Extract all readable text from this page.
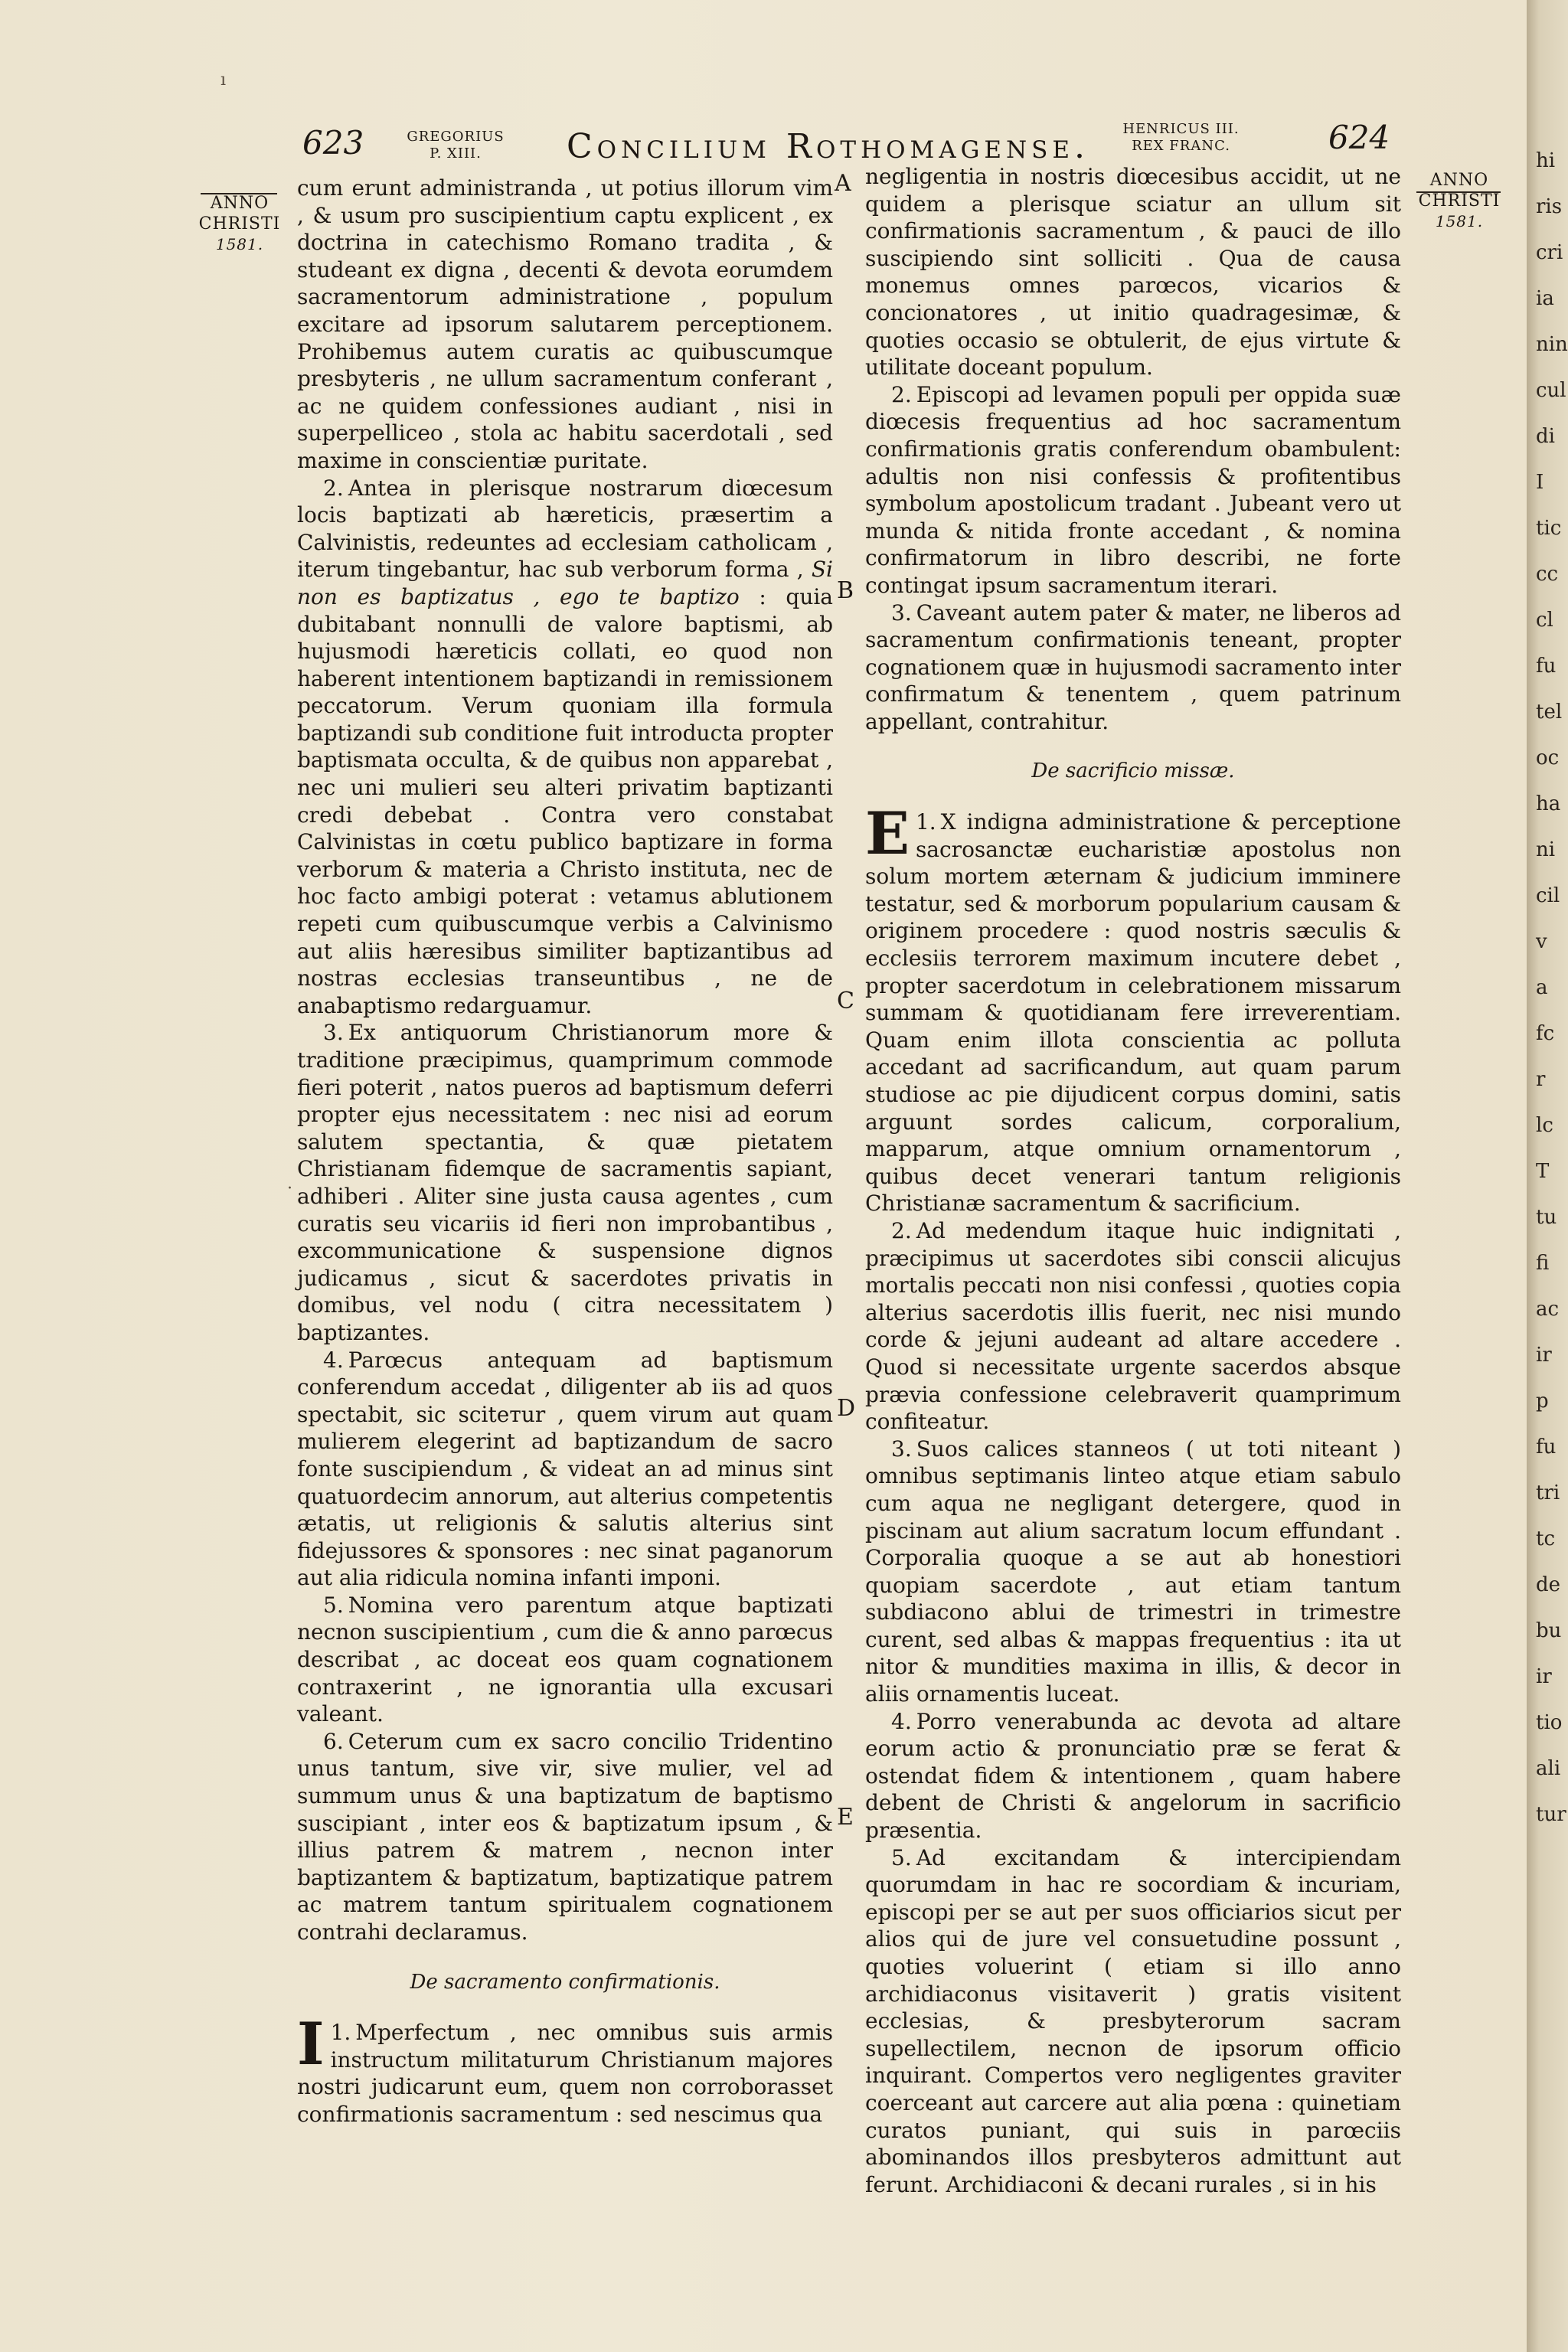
623	GREGORIUS P. XIII.	Concilium Rothomagense.	HENRICUS III. REX FRANC.	624
ANNO
CHRISTI
1581.
ANNO
CHRISTI
1581.
A
B
C
D
E

cum erunt administranda , ut potius illorum vim , & usum pro suscipientium captu explicent , ex doctrina in catechismo Romano tradita , & studeant ex digna , decenti & devota eorumdem sacramentorum administratione , populum excitare ad ipsorum salutarem perceptionem. Prohibemus autem curatis ac quibuscumque presbyteris , ne ullum sacramentum conferant , ac ne quidem confessiones audiant , nisi in superpelliceo , stola ac habitu sacerdotali , sed maxime in conscientiæ puritate.

2. Antea in plerisque nostrarum diœcesum locis baptizati ab hæreticis, præsertim a Calvinistis, redeuntes ad ecclesiam catholicam , iterum tingebantur, hac sub verborum forma , Si non es baptizatus , ego te baptizo : quia dubitabant nonnulli de valore baptismi, ab hujusmodi hæreticis collati, eo quod non haberent intentionem baptizandi in remissionem peccatorum. Verum quoniam illa formula baptizandi sub conditione fuit introducta propter baptismata occulta, & de quibus non apparebat , nec uni mulieri seu alteri privatim baptizanti credi debebat . Contra vero constabat Calvinistas in cœtu publico baptizare in forma verborum & materia a Christo instituta, nec de hoc facto ambigi poterat : vetamus ablutionem repeti cum quibuscumque verbis a Calvinismo aut aliis hæresibus similiter baptizantibus ad nostras ecclesias transeuntibus , ne de anabaptismo redarguamur.

3. Ex antiquorum Christianorum more & traditione præcipimus, quamprimum commode fieri poterit , natos pueros ad baptismum deferri propter ejus necessitatem : nec nisi ad eorum salutem spectantia, & quæ pietatem Christianam fidemque de sacramentis sapiant, adhiberi . Aliter sine justa causa agentes , cum curatis seu vicariis id fieri non improbantibus , excommunicatione & suspensione dignos judicamus , sicut & sacerdotes privatis in domibus, vel nodu ( citra necessitatem ) baptizantes.

4. Parœcus antequam ad baptismum conferendum accedat , diligenter ab iis ad quos spectabit, sic sciteтur , quem virum aut quam mulierem elegerint ad baptizandum de sacro fonte suscipiendum , & videat an ad minus sint quatuordecim annorum, aut alterius competentis ætatis, ut religionis & salutis alterius sint fidejussores & sponsores : nec sinat paganorum aut alia ridicula nomina infanti imponi.

5. Nomina vero parentum atque baptizati necnon suscipientium , cum die & anno parœcus describat , ac doceat eos quam cognationem contraxerint , ne ignorantia ulla excusari valeant.

6. Ceterum cum ex sacro concilio Tridentino unus tantum, sive vir, sive mulier, vel ad summum unus & una baptizatum de baptismo suscipiant , inter eos & baptizatum ipsum , & illius patrem & matrem , necnon inter baptizantem & baptizatum, baptizatique patrem ac matrem tantum spiritualem cognationem contrahi declaramus.

De sacramento confirmationis.

1.
I Mperfectum , nec omnibus suis armis instructum militaturum Christianum majores nostri judicarunt eum, quem non corroborasset confirmationis sacramentum : sed nescimus qua

negligentia in nostris diœcesibus accidit, ut ne quidem a plerisque sciatur an ullum sit confirmationis sacramentum , & pauci de illo suscipiendo sint solliciti . Qua de causa monemus omnes parœcos, vicarios & concionatores , ut initio quadragesimæ, & quoties occasio se obtulerit, de ejus virtute & utilitate doceant populum.

2. Episcopi ad levamen populi per oppida suæ diœcesis frequentius ad hoc sacramentum confirmationis gratis conferendum obambulent: adultis non nisi confessis & profitentibus symbolum apostolicum tradant . Jubeant vero ut munda & nitida fronte accedant , & nomina confirmatorum in libro describi, ne forte contingat ipsum sacramentum iterari.

3. Caveant autem pater & mater, ne liberos ad sacramentum confirmationis teneant, propter cognationem quæ in hujusmodi sacramento inter confirmatum & tenentem , quem patrinum appellant, contrahitur.

De sacrificio missæ.

1.
E X indigna administratione & perceptione sacrosanctæ eucharistiæ apostolus non solum mortem æternam & judicium imminere testatur, sed & morborum popularium causam & originem procedere : quod nostris sæculis & ecclesiis terrorem maximum incutere debet , propter sacerdotum in celebrationem missarum summam & quotidianam fere irreverentiam. Quam enim illota conscientia ac polluta accedant ad sacrificandum, aut quam parum studiose ac pie dijudicent corpus domini, satis arguunt sordes calicum, corporalium, mapparum, atque omnium ornamentorum , quibus decet venerari tantum religionis Christianæ sacramentum & sacrificium.

2. Ad medendum itaque huic indignitati , præcipimus ut sacerdotes sibi conscii alicujus mortalis peccati non nisi confessi , quoties copia alterius sacerdotis illis fuerit, nec nisi mundo corde & jejuni audeant ad altare accedere . Quod si necessitate urgente sacerdos absque prævia confessione celebraverit quamprimum confiteatur.

3. Suos calices stanneos ( ut toti niteant ) omnibus septimanis linteo atque etiam sabulo cum aqua ne negligant detergere, quod in piscinam aut alium sacratum locum effundant . Corporalia quoque a se aut ab honestiori quopiam sacerdote , aut etiam tantum subdiacono ablui de trimestri in trimestre curent, sed albas & mappas frequentius : ita ut nitor & munditiеs maxima in illis, & decor in aliis ornamentis luceat.

4. Porro venerabunda ac devota ad altare eorum actio & pronunciatio præ se ferat & ostendat fidem & intentionem , quam habere debent de Christi & angelorum in sacrificio præsentia.

5. Ad excitandam & intercipiendam quorumdam in hac re socordiam & incuriam, episcopi per se aut per suos officiarios sicut per alios qui de jure vel consuetudine possunt , quoties voluerint ( etiam si illo anno archidiaconus visitaverit ) gratis visitent ecclesias, & presbyterorum sacram supellectilem, necnon de ipsorum officio inquirant. Compertos vero negligentes graviter coerceant aut carcere aut alia pœna : quinetiam curatos puniant, qui suis in parœciis abominandos illos presbyteros admittunt aut ferunt. Archidiaconi & decani rurales , si in his

ı
·
hi
ris
cri
ia
nin
cul
di
I
tic
cc
cl
fu
tel
oc
ha
ni
cil
v
a
fc
r
lc
T
tu
fi
ac
ir
p
fu
tri
tc
de
bu
ir
tio
ali
tur
